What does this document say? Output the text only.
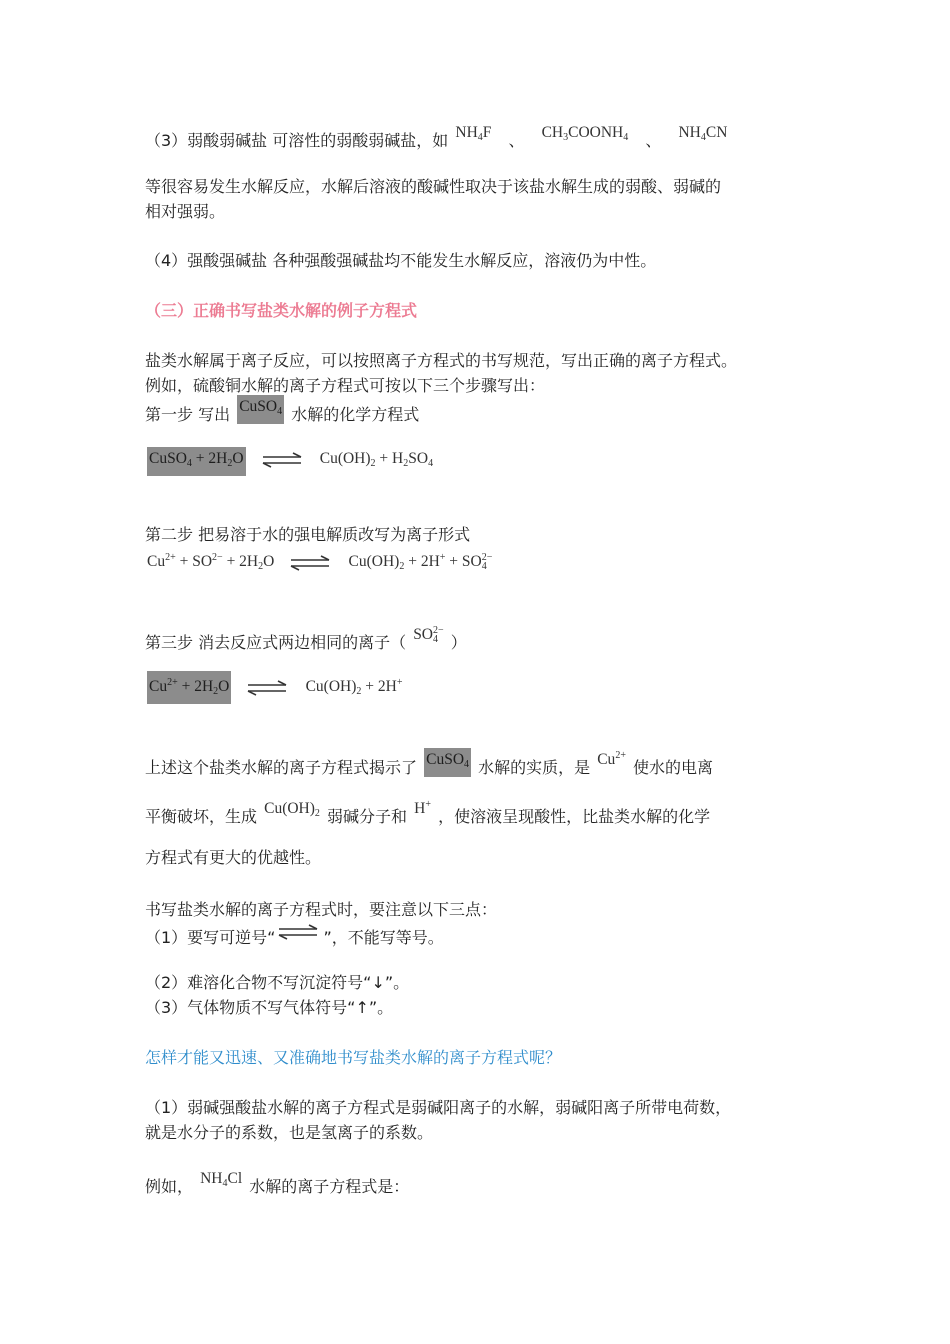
（3）弱酸弱碱盐 可溶性的弱酸弱碱盐，如 $NH_4F$ 、 $CH_3COONH_4$ 、 $NH_4CN$
等很容易发生水解反应，水解后溶液的酸碱性取决于该盐水解生成的弱酸、弱碱的
相对强弱。
（4）强酸强碱盐 各种强酸强碱盐均不能发生水解反应，溶液仍为中性。
（三）正确书写盐类水解的例子方程式
盐类水解属于离子反应，可以按照离子方程式的书写规范，写出正确的离子方程式。
例如，硫酸铜水解的离子方程式可按以下三个步骤写出：
第一步 写出 CuSO$_4$ 水解的化学方程式
CuSO$_4$ + $2H_2O$	$Cu(OH)_2 + H_2SO_4$
第二步 把易溶于水的强电解质改写为离子形式
$Cu^{2+} + SO^{2-} + 2H_2O$	$Cu(OH)_2 + 2H^+ + SO_4^{2-}$
第三步 消去反应式两边相同的离子（ $SO_4^{2-}$ ）
$Cu^{2+} + 2H_2O$	$Cu(OH)_2 + 2H^+$
上述这个盐类水解的离子方程式揭示了 CuSO$_4$ 水解的实质，是 $Cu^{2+}$ 使水的电离
平衡破坏，生成 $Cu(OH)_2$ 弱碱分子和 H+ ，使溶液呈现酸性，比盐类水解的化学
方程式有更大的优越性。
书写盐类水解的离子方程式时，要注意以下三点：
（1）要写可逆号“	”，不能写等号。
（2）难溶化合物不写沉淀符号“↓”。
（3）气体物质不写气体符号“↑”。
怎样才能又迅速、又准确地书写盐类水解的离子方程式呢？
（1）弱碱强酸盐水解的离子方程式是弱碱阳离子的水解，弱碱阳离子所带电荷数，
就是水分子的系数，也是氢离子的系数。
例如， $NH_4Cl$ 水解的离子方程式是：
